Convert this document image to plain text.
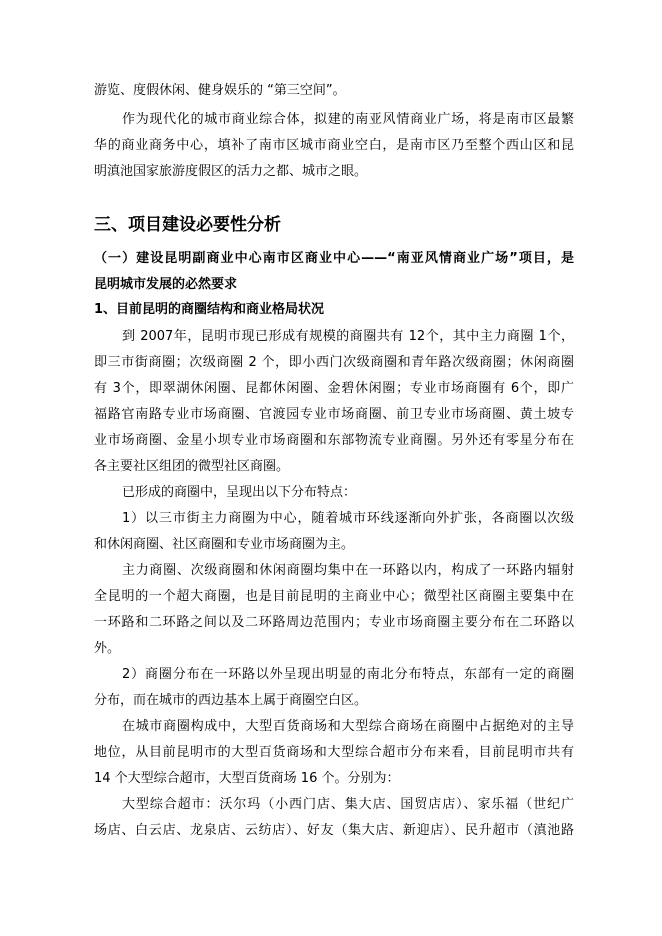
游览、度假休闲、健身娱乐的 “第三空间”。
作为现代化的城市商业综合体，拟建的南亚风情商业广场，将是南市区最繁
华的商业商务中心，填补了南市区城市商业空白，是南市区乃至整个西山区和昆
明滇池国家旅游度假区的活力之都、城市之眼。
三、项目建设必要性分析
（一）建设昆明副商业中心南市区商业中心——“南亚风情商业广场”项目，是
昆明城市发展的必然要求
1、目前昆明的商圈结构和商业格局状况
到 2007年，昆明市现已形成有规模的商圈共有 12个，其中主力商圈 1个，
即三市街商圈；次级商圈 2 个，即小西门次级商圈和青年路次级商圈；休闲商圈
有 3个，即翠湖休闲圈、昆都休闲圈、金碧休闲圈；专业市场商圈有 6个，即广
福路官南路专业市场商圈、官渡园专业市场商圈、前卫专业市场商圈、黄土坡专
业市场商圈、金星小坝专业市场商圈和东部物流专业商圈。另外还有零星分布在
各主要社区组团的微型社区商圈。
已形成的商圈中，呈现出以下分布特点：
1）以三市街主力商圈为中心，随着城市环线逐渐向外扩张，各商圈以次级
和休闲商圈、社区商圈和专业市场商圈为主。
主力商圈、次级商圈和休闲商圈均集中在一环路以内，构成了一环路内辐射
全昆明的一个超大商圈，也是目前昆明的主商业中心；微型社区商圈主要集中在
一环路和二环路之间以及二环路周边范围内；专业市场商圈主要分布在二环路以
外。
2）商圈分布在一环路以外呈现出明显的南北分布特点，东部有一定的商圈
分布，而在城市的西边基本上属于商圈空白区。
在城市商圈构成中，大型百货商场和大型综合商场在商圈中占据绝对的主导
地位，从目前昆明市的大型百货商场和大型综合超市分布来看，目前昆明市共有
14 个大型综合超市，大型百货商场 16 个。分别为：
大型综合超市：沃尔玛（小西门店、集大店、国贸店店）、家乐福（世纪广
场店、白云店、龙泉店、云纺店）、好友（集大店、新迎店）、民升超市（滇池路
